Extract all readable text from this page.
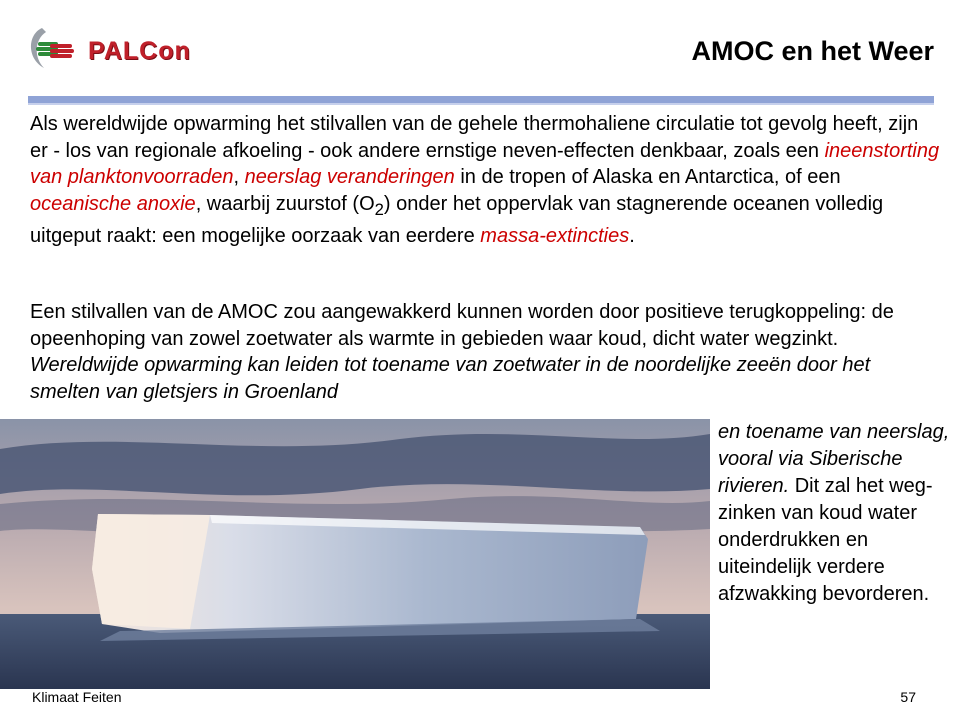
PALCon	AMOC en het Weer

Als wereldwijde opwarming het stilvallen van de gehele thermohaliene circulatie tot gevolg heeft, zijn er - los van regionale afkoeling - ook andere ernstige neven-effecten denkbaar, zoals een ineenstorting van planktonvoorraden, neerslag veranderingen in de tropen of Alaska en Antarctica, of een oceanische anoxie, waarbij zuurstof $(O_2)$ onder het oppervlak van stagnerende oceanen volledig uitgeput raakt: een mogelijke oorzaak van eerdere massa-extincties.

Een stilvallen van de AMOC zou aangewakkerd kunnen worden door positieve terugkoppeling: de opeenhoping van zowel zoetwater als warmte in gebieden waar koud, dicht water wegzinkt. Wereldwijde opwarming kan leiden tot toename van zoetwater in de noordelijke zeeën door het smelten van gletsjers in Groenland

en toename van neerslag, vooral via Siberische rivieren. Dit zal het weg-zinken van koud water onderdrukken en uiteindelijk verdere afzwakking bevorderen.

Klimaat Feiten	57
